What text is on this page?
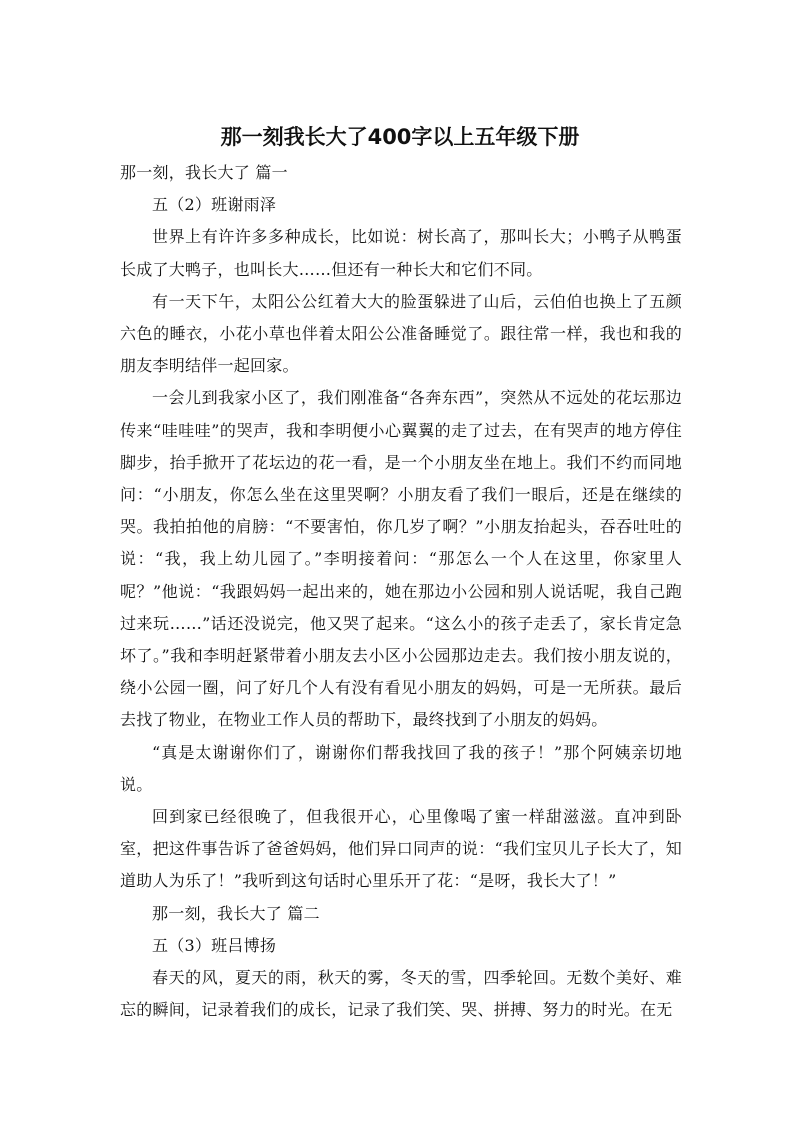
那一刻我长大了400字以上五年级下册

那一刻，我长大了 篇一

五（2）班谢雨泽

世界上有许许多多种成长，比如说：树长高了，那叫长大；小鸭子从鸭蛋长成了大鸭子，也叫长大……但还有一种长大和它们不同。

有一天下午，太阳公公红着大大的脸蛋躲进了山后，云伯伯也换上了五颜六色的睡衣，小花小草也伴着太阳公公准备睡觉了。跟往常一样，我也和我的朋友李明结伴一起回家。

一会儿到我家小区了，我们刚准备“各奔东西”，突然从不远处的花坛那边传来“哇哇哇”的哭声，我和李明便小心翼翼的走了过去，在有哭声的地方停住脚步，抬手掀开了花坛边的花一看，是一个小朋友坐在地上。我们不约而同地问：“小朋友，你怎么坐在这里哭啊？小朋友看了我们一眼后，还是在继续的哭。我拍拍他的肩膀：“不要害怕，你几岁了啊？”小朋友抬起头，吞吞吐吐的说：“我，我上幼儿园了。”李明接着问：“那怎么一个人在这里，你家里人呢？”他说：“我跟妈妈一起出来的，她在那边小公园和别人说话呢，我自己跑过来玩……”话还没说完，他又哭了起来。“这么小的孩子走丢了，家长肯定急坏了。”我和李明赶紧带着小朋友去小区小公园那边走去。我们按小朋友说的，绕小公园一圈，问了好几个人有没有看见小朋友的妈妈，可是一无所获。最后去找了物业，在物业工作人员的帮助下，最终找到了小朋友的妈妈。

“真是太谢谢你们了，谢谢你们帮我找回了我的孩子！”那个阿姨亲切地说。

回到家已经很晚了，但我很开心，心里像喝了蜜一样甜滋滋。直冲到卧室，把这件事告诉了爸爸妈妈，他们异口同声的说：“我们宝贝儿子长大了，知道助人为乐了！”我听到这句话时心里乐开了花：“是呀，我长大了！”

那一刻，我长大了 篇二

五（3）班吕博扬

春天的风，夏天的雨，秋天的雾，冬天的雪，四季轮回。无数个美好、难忘的瞬间，记录着我们的成长，记录了我们笑、哭、拼搏、努力的时光。在无
